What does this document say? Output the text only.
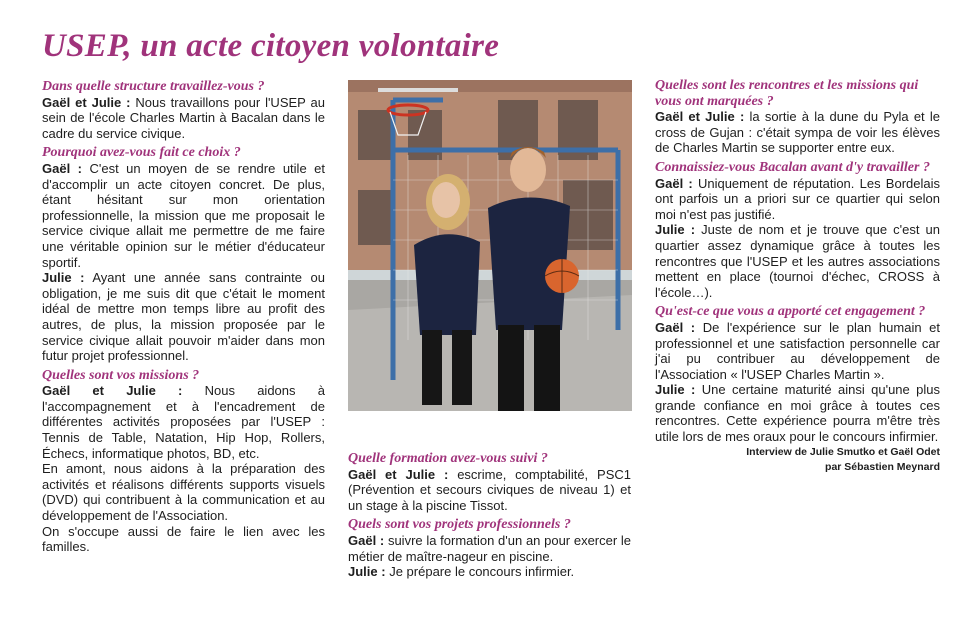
USEP, un acte citoyen volontaire

Dans quelle structure travaillez-vous ?

Gaël et Julie : Nous travaillons pour l'USEP au sein de l'école Charles Martin à Bacalan dans le cadre du service civique.

Pourquoi avez-vous fait ce choix ?

Gaël : C'est un moyen de se rendre utile et d'accomplir un acte citoyen concret. De plus, étant hésitant sur mon orientation professionnelle, la mission que me proposait le service civique allait me permettre de me faire une véritable opinion sur le métier d'éducateur sportif.

Julie : Ayant une année sans contrainte ou obligation, je me suis dit que c'était le moment idéal de mettre mon temps libre au profit des autres, de plus, la mission proposée par le service civique allait pouvoir m'aider dans mon futur projet professionnel.

Quelles sont vos missions ?

Gaël et Julie : Nous aidons à l'accompagnement et à l'encadrement de différentes activités proposées par l'USEP : Tennis de Table, Natation, Hip Hop, Rollers, Échecs, informatique photos, BD, etc.

En amont, nous aidons à la préparation des activités et réalisons différents supports visuels (DVD) qui contribuent à la communication et au développement de l'Association.

On s'occupe aussi de faire le lien avec les familles.

Quelle formation avez-vous suivi ?

Gaël et Julie : escrime, comptabilité, PSC1 (Prévention et secours civiques de niveau 1) et un stage à la piscine Tissot.

Quels sont vos projets professionnels ?

Gaël : suivre la formation d'un an pour exercer le métier de maître-nageur en piscine.

Julie : Je prépare le concours infirmier.

Quelles sont les rencontres et les missions qui vous ont marquées ?

Gaël et Julie : la sortie à la dune du Pyla et le cross de Gujan : c'était sympa de voir les élèves de Charles Martin se supporter entre eux.

Connaissiez-vous Bacalan avant d'y travailler ?

Gaël : Uniquement de réputation. Les Bordelais ont parfois un a priori sur ce quartier qui selon moi n'est pas justifié.

Julie : Juste de nom et je trouve que c'est un quartier assez dynamique grâce à toutes les rencontres que l'USEP et les autres associations mettent en place (tournoi d'échec, CROSS à l'école…).

Qu'est-ce que vous a apporté cet engagement ?

Gaël : De l'expérience sur le plan humain et professionnel et une satisfaction personnelle car j'ai pu contribuer au développement de l'Association « l'USEP Charles Martin ».

Julie : Une certaine maturité ainsi qu'une plus grande confiance en moi grâce à toutes ces rencontres. Cette expérience pourra m'être très utile lors de mes oraux pour le concours infirmier.

Interview de Julie Smutko et Gaël Odet

par Sébastien Meynard
